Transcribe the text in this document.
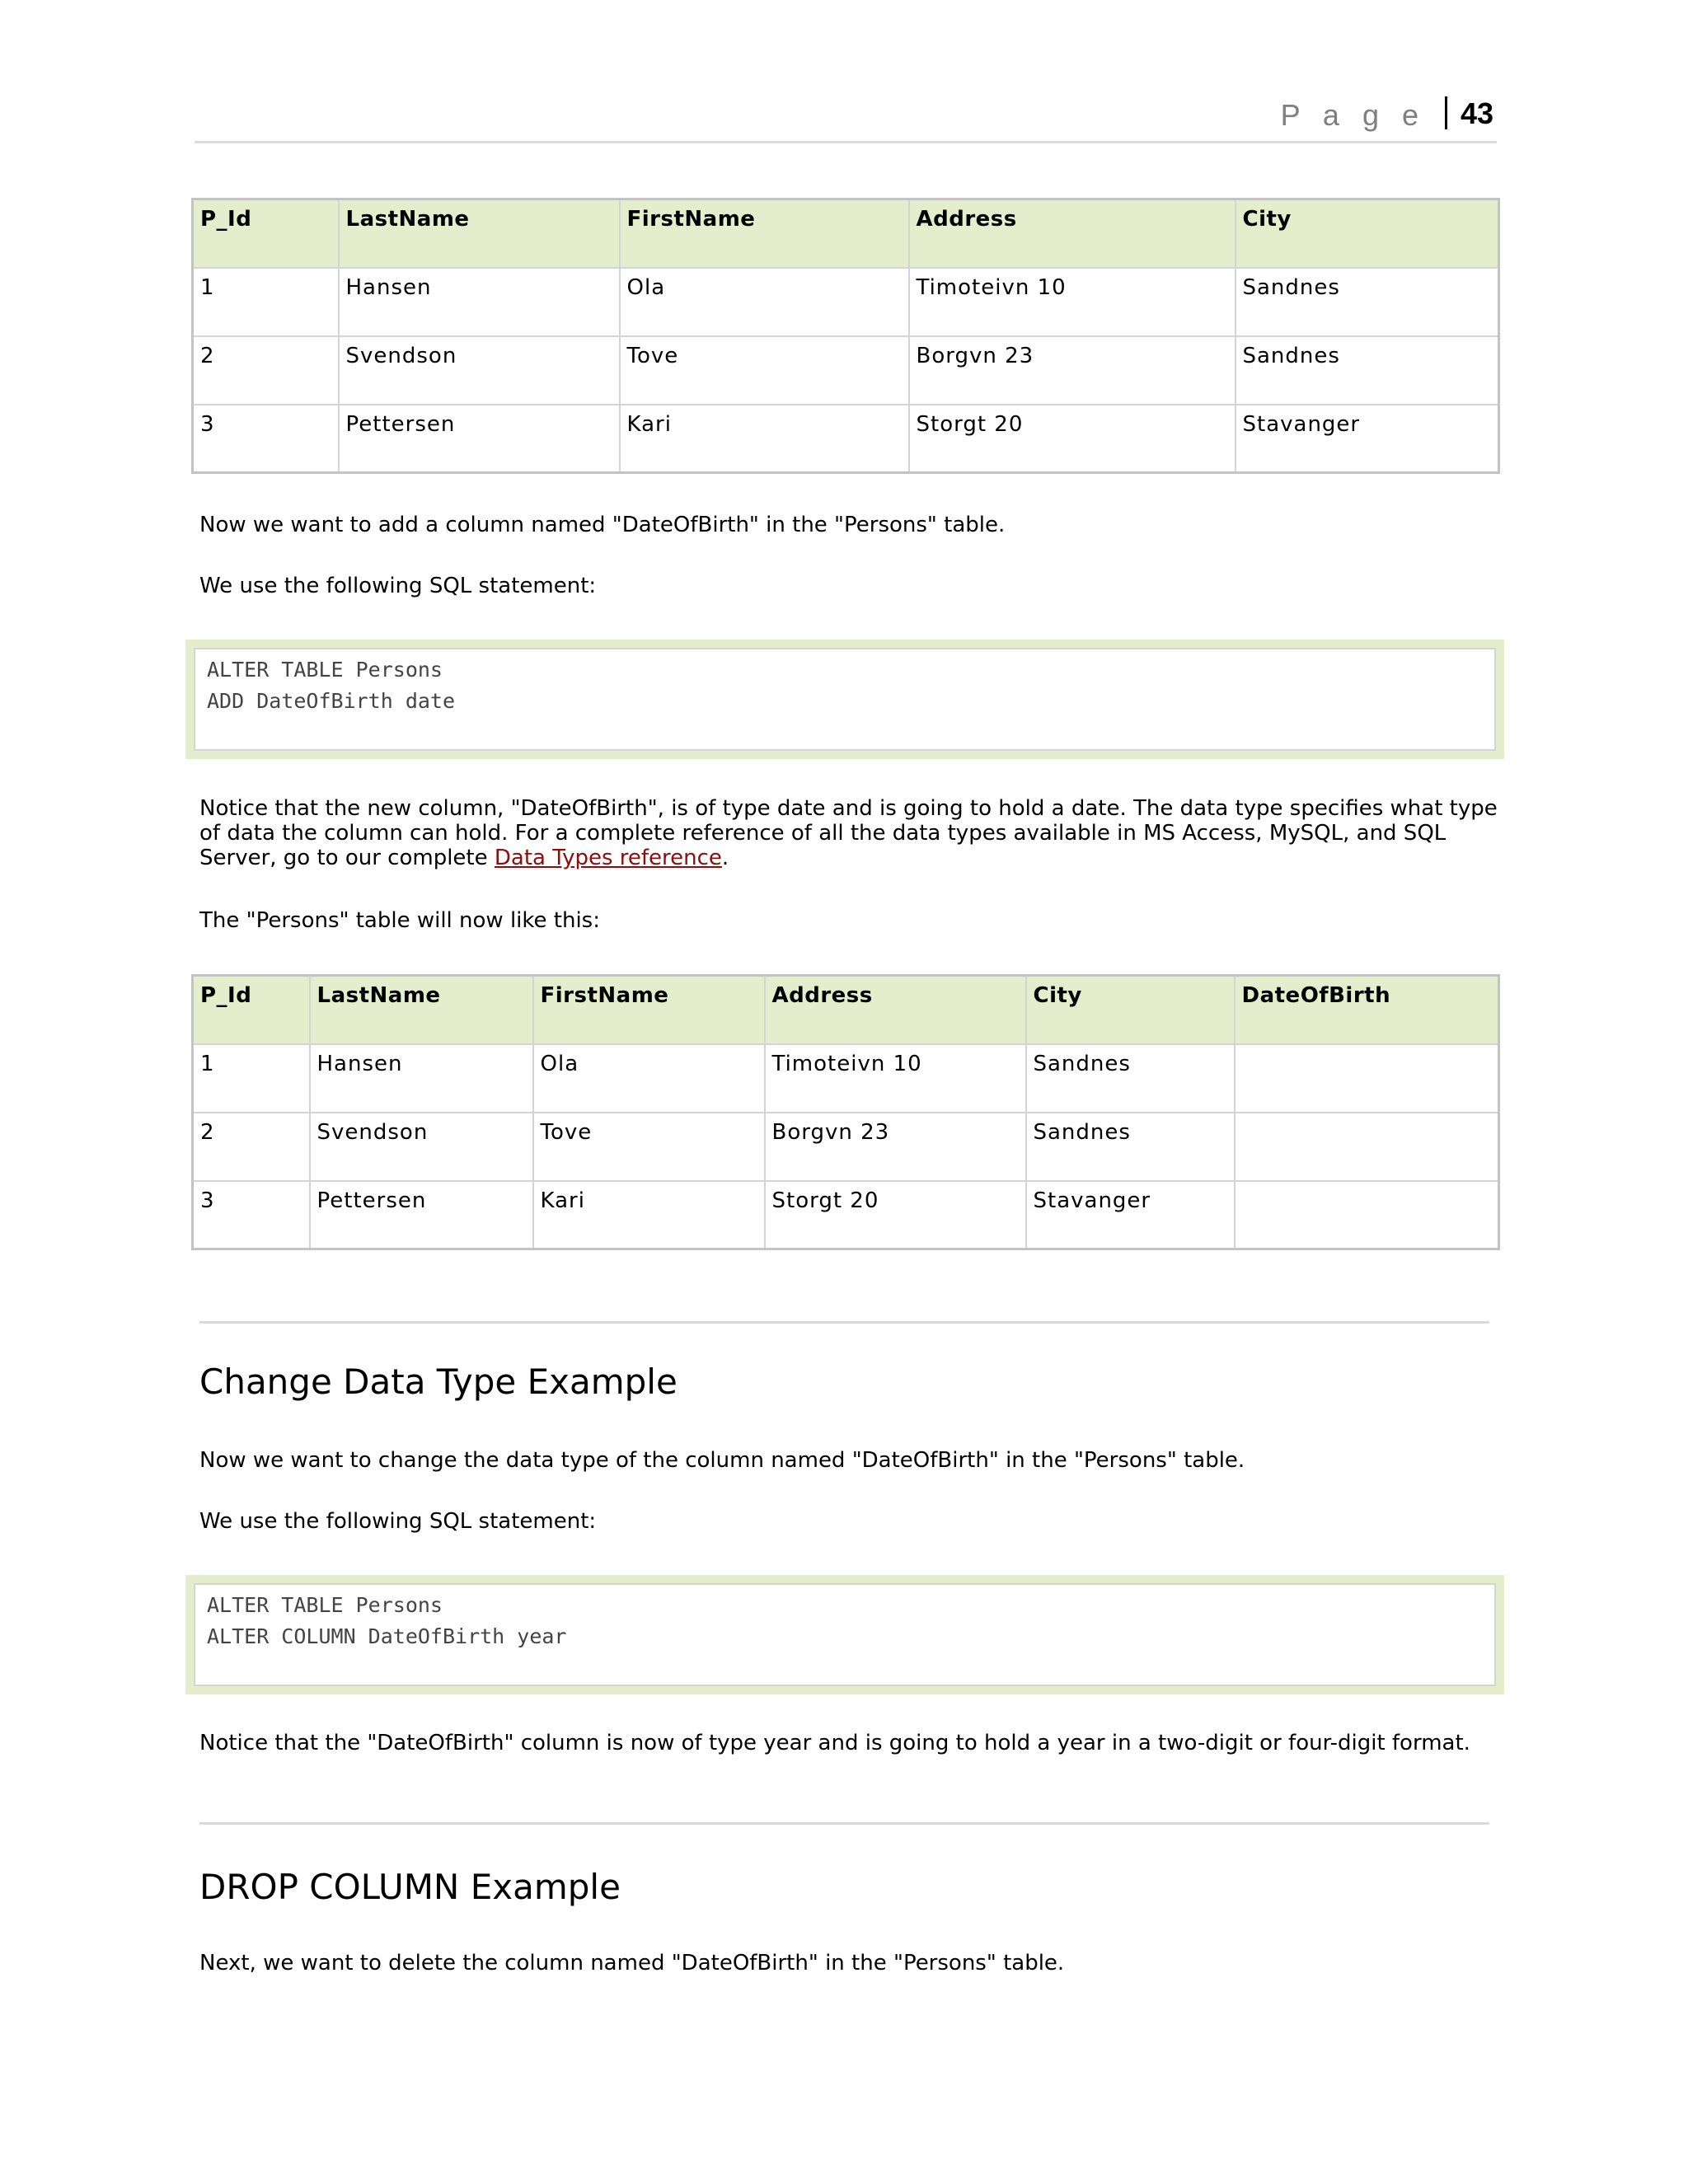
P a g e 43
P_Id	LastName	FirstName	Address	City
1	Hansen	Ola	Timoteivn 10	Sandnes
2	Svendson	Tove	Borgvn 23	Sandnes
3	Pettersen	Kari	Storgt 20	Stavanger

Now we want to add a column named "DateOfBirth" in the "Persons" table.

We use the following SQL statement:

ALTER TABLE Persons
ADD DateOfBirth date

Notice that the new column, "DateOfBirth", is of type date and is going to hold a date. The data type specifies what type of data the column can hold. For a complete reference of all the data types available in MS Access, MySQL, and SQL Server, go to our complete Data Types reference.

The "Persons" table will now like this:

P_Id	LastName	FirstName	Address	City	DateOfBirth
1	Hansen	Ola	Timoteivn 10	Sandnes	
2	Svendson	Tove	Borgvn 23	Sandnes	
3	Pettersen	Kari	Storgt 20	Stavanger	
Change Data Type Example

Now we want to change the data type of the column named "DateOfBirth" in the "Persons" table.

We use the following SQL statement:

ALTER TABLE Persons
ALTER COLUMN DateOfBirth year

Notice that the "DateOfBirth" column is now of type year and is going to hold a year in a two-digit or four-digit format.

DROP COLUMN Example

Next, we want to delete the column named "DateOfBirth" in the "Persons" table.
